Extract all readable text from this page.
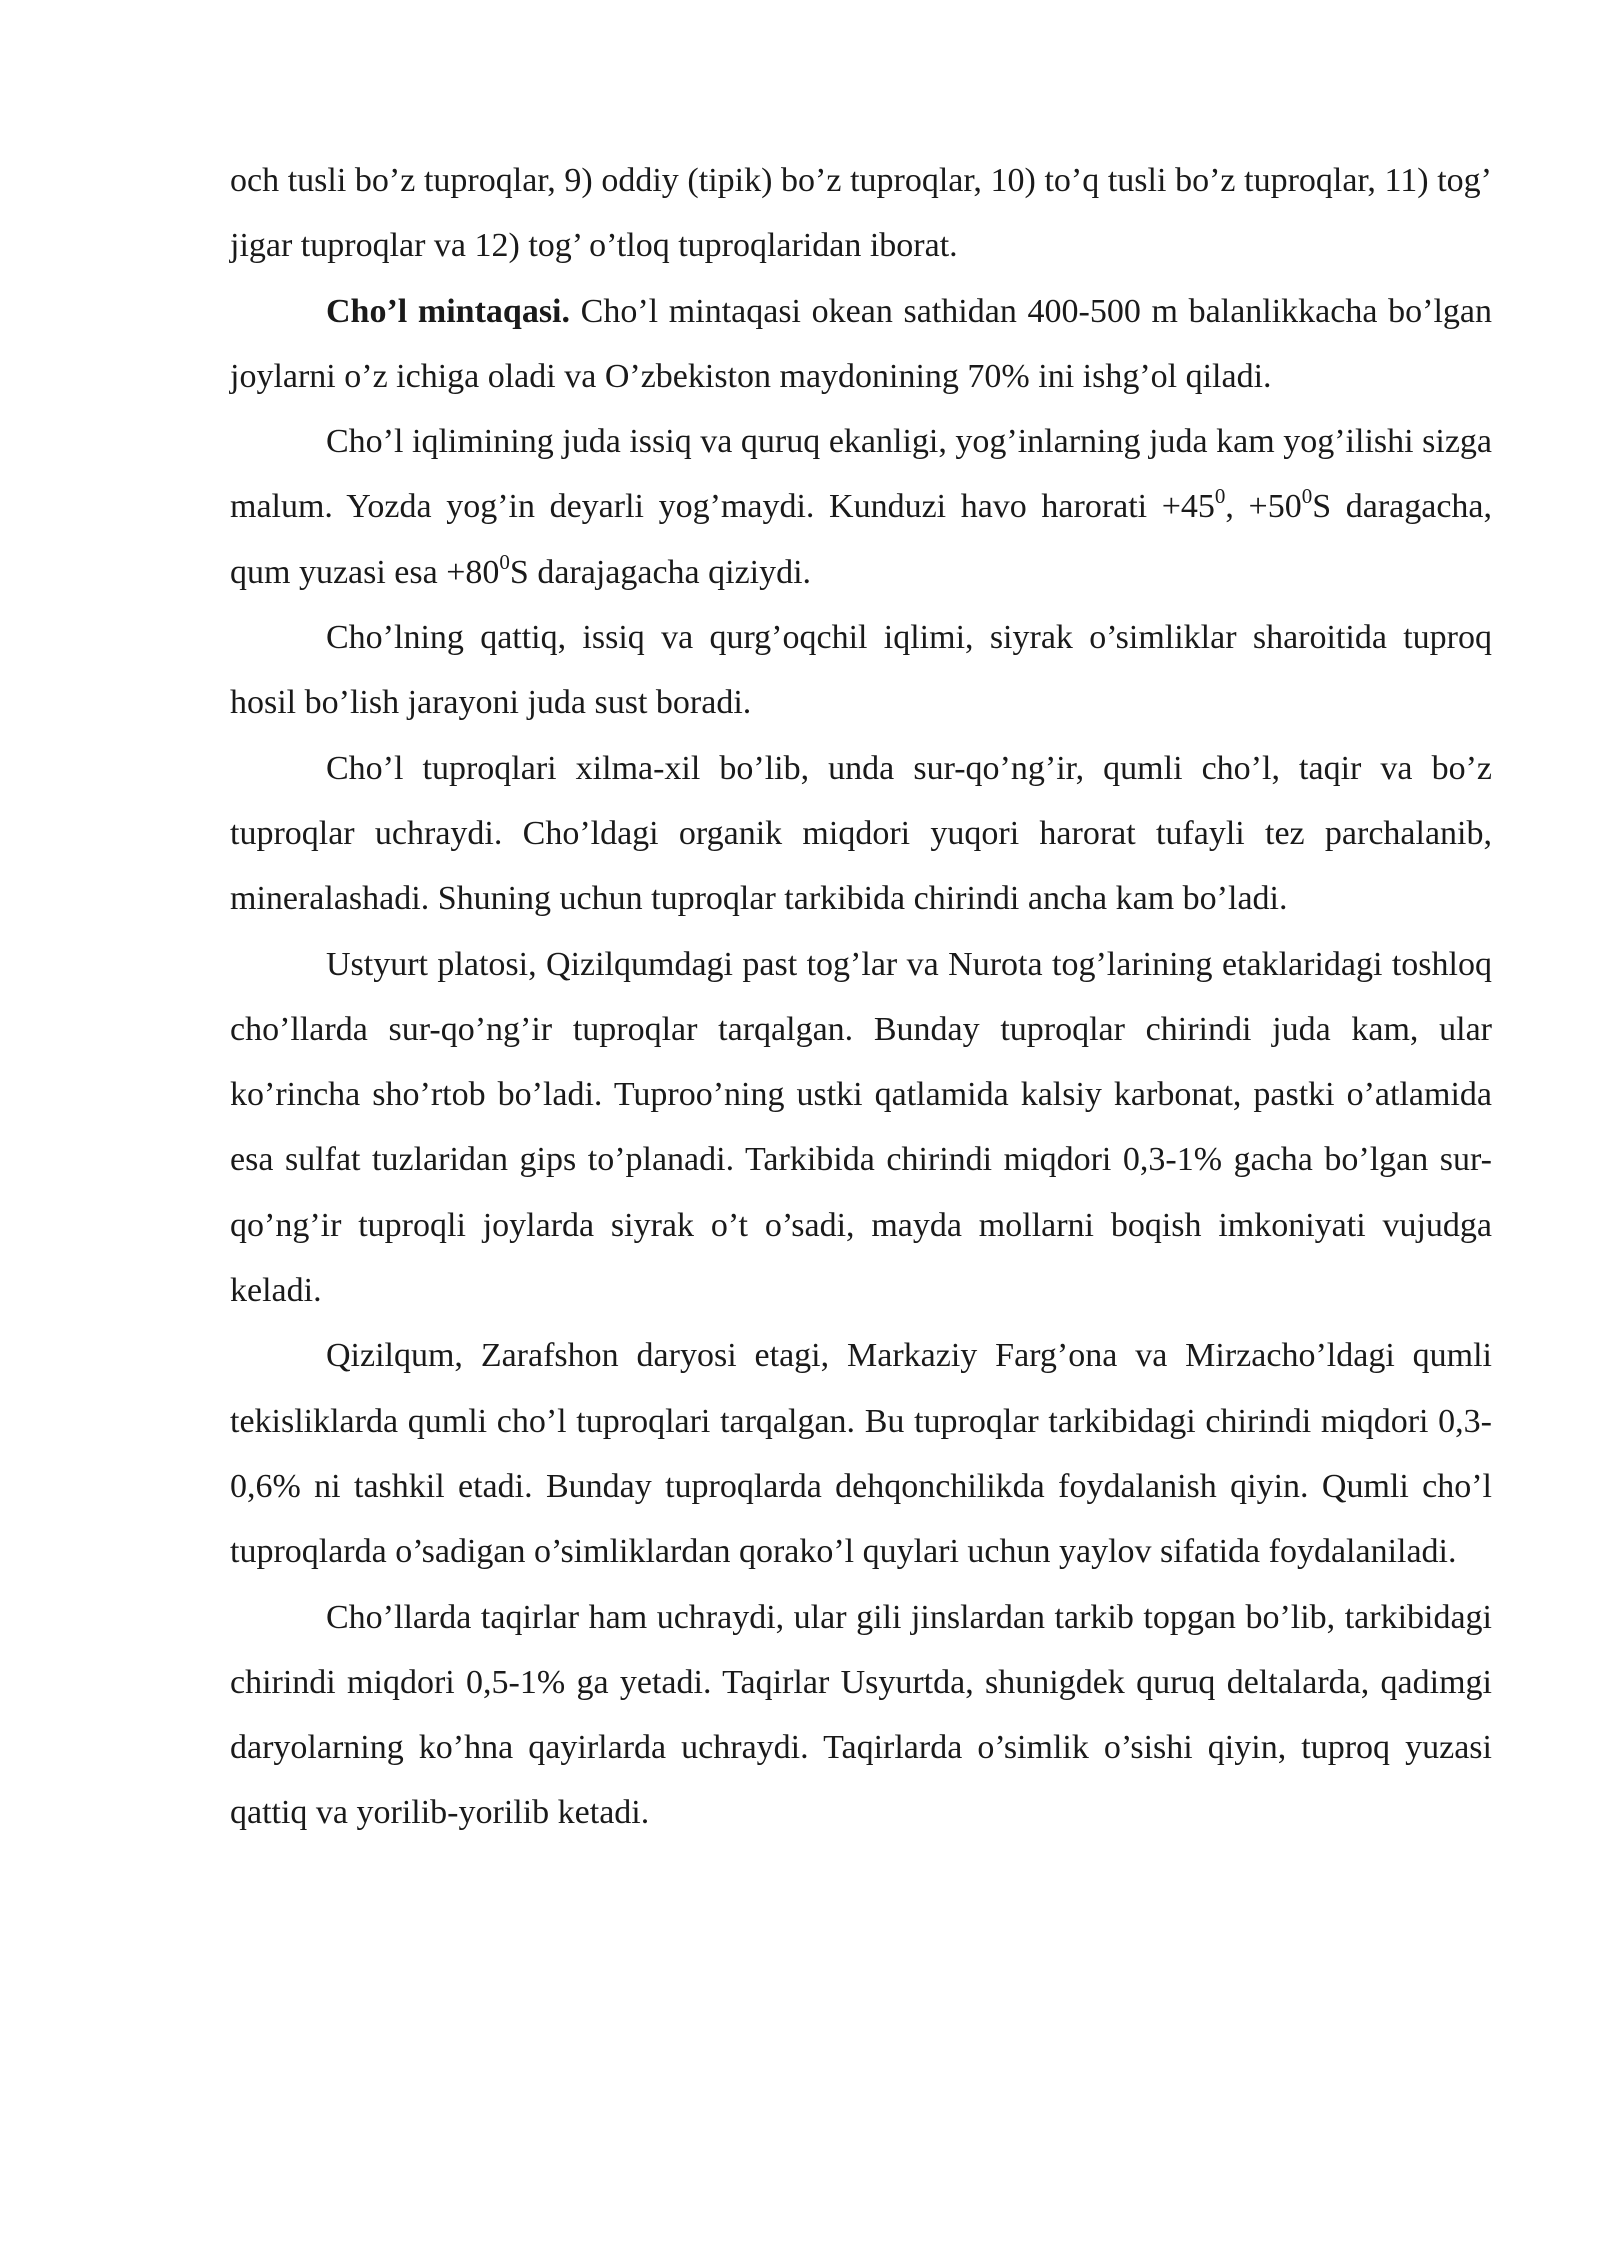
och tusli bo’z tuproqlar, 9) oddiy (tipik) bo’z tuproqlar, 10) to’q tusli bo’z tuproqlar, 11) tog’ jigar tuproqlar va 12) tog’ o’tloq tuproqlaridan iborat.

Cho’l mintaqasi. Cho’l mintaqasi okean sathidan 400-500 m balanlikkacha bo’lgan joylarni o’z ichiga oladi va O’zbekiston maydonining 70% ini ishg’ol qiladi.

Cho’l iqlimining juda issiq va quruq ekanligi, yog’inlarning juda kam yog’ilishi sizga malum. Yozda yog’in deyarli yog’maydi. Kunduzi havo harorati $+45^0$, $+50^0S$ daragacha, qum yuzasi esa $+80^0S$ darajagacha qiziydi.

Cho’lning qattiq, issiq va qurg’oqchil iqlimi, siyrak o’simliklar sharoitida tuproq hosil bo’lish jarayoni juda sust boradi.

Cho’l tuproqlari xilma-xil bo’lib, unda sur-qo’ng’ir, qumli cho’l, taqir va bo’z tuproqlar uchraydi. Cho’ldagi organik miqdori yuqori harorat tufayli tez parchalanib, mineralashadi. Shuning uchun tuproqlar tarkibida chirindi ancha kam bo’ladi.

Ustyurt platosi, Qizilqumdagi past tog’lar va Nurota tog’larining etaklaridagi toshloq cho’llarda sur-qo’ng’ir tuproqlar tarqalgan. Bunday tuproqlar chirindi juda kam, ular ko’rincha sho’rtob bo’ladi. Tuproo’ning ustki qatlamida kalsiy karbonat, pastki o’atlamida esa sulfat tuzlaridan gips to’planadi. Tarkibida chirindi miqdori 0,3-1% gacha bo’lgan sur-qo’ng’ir tuproqli joylarda siyrak o’t o’sadi, mayda mollarni boqish imkoniyati vujudga keladi.

Qizilqum, Zarafshon daryosi etagi, Markaziy Farg’ona va Mirzacho’ldagi qumli tekisliklarda qumli cho’l tuproqlari tarqalgan. Bu tuproqlar tarkibidagi chirindi miqdori 0,3-0,6% ni tashkil etadi. Bunday tuproqlarda dehqonchilikda foydalanish qiyin. Qumli cho’l tuproqlarda o’sadigan o’simliklardan qorako’l quylari uchun yaylov sifatida foydalaniladi.

Cho’llarda taqirlar ham uchraydi, ular gili jinslardan tarkib topgan bo’lib, tarkibidagi chirindi miqdori 0,5-1% ga yetadi. Taqirlar Usyurtda, shunigdek quruq deltalarda, qadimgi daryolarning ko’hna qayirlarda uchraydi. Taqirlarda o’simlik o’sishi qiyin, tuproq yuzasi qattiq va yorilib-yorilib ketadi.
